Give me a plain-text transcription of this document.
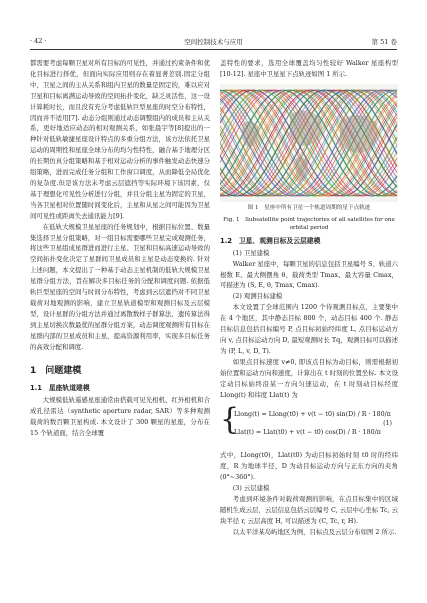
· 42 ·	空间控制技术与应用	第 51 卷

都需要考虑每颗卫星对所有目标的可见性，并通过约束条件和优化目标进行择优，但面向实际应用则存在着显著差别.固定分组中，卫星之间的主从关系和组内卫星的数量是固定的，难以应对卫星和目标离满运动导致的空间拓扑变化，缺乏灵活性，这一设计算耗时长，而且没有充分考虑低轨巨型星座的时空分布特性，因而并不适用[7]. 动态分组则通过动态调整组内的成员和主从关系，更好地适应动态的相对观测关系，如张晨宇等[8]提出的一种针对低轨敏捷星座设计特点的多重分组方法，该方法依托卫星运动的周期性和星座全球分布的均匀性特性，融合基于地理分区的长期仿真分组策略和基于相对运动分析的事件触发动态快速分组策略，进而完成任务分组和工作窗口调度，从而降低全局优化的复杂度.但是该方法未考虑云层遮挡等实际环境下该因素，仅基于理想化可见性分析进行分组，并且分组主星为固定的卫星，当各卫星相对位置随时间变化后，主星和从星之间可能因为卫星间可见性或距离失去通讯能力[9].

在低轨大规模卫星星座的任务规划中，根据目标位置、数量集选择卫星分组策略，对一组目标需要哪些卫星完成观测任务，将这些卫星组成星群进而进行主星、卫星和目标高速运动导致的空间拓扑变化决定了星群间卫星成员和主星是动态变换的. 针对上述问题，本文提出了一种基于动态主星机制的低轨大规模卫星星群分组方法，旨在解决多目标任务的分配和调度问题. 依据低轨巨型星座的空间与时间分布特性，考虑到云层遮挡对不同卫星载荷对地观测的影响，建立卫星轨道模型和观测目标及云层模型，设计星群的分组方法并通过离散数样子群算法，遗传算法得到主星切换次数最优的星群分组方案，动态调度观测所有目标在星群内部的卫星成员和主星，提高资源利用率，实现多目标任务的高效分配和调度.

1　问题建模
1.1　星座轨道建模

大规模低轨遥感星座通常由搭载可见光相机、红外相机和合成孔径雷达（synthetic aperture radar, SAR）等多种观测载荷的数百颗卫星构成. 本文设计了 300 颗星的星座，分布在 15 个轨道面，结合全球覆

盖特性的要求，选用全球覆盖均匀性较好 Walker 星座构型[10-12]. 星座中卫星星下点轨迹如图 1 所示.

图 1　星座中所有卫星一个轨道周期的星下点轨迹
Fig. 1　Subsatellite point trajectories of all satellites for one orbital period
1.2　卫星、观测目标及云层建模

(1) 卫星建模

Walker 星座中，每颗卫星的信息包括卫星编号 S、轨道六根数 E、最大侧摆角 θ、载荷类型 Tmax、最大容量 Cmax，可描述为 (S, E, θ, Tmax, Cmax).

(2) 观测目标建模

本文设置了全球范围内 1200 个待观测目标点，主要集中在 4 个地区，其中静态目标 800 个，动态目标 400 个. 静态目标信息包括目标编号 P, 点目标初始经纬度 L, 点目标运动方向 v, 点目标运动方向 D, 最短观测时长 Tq，观测目标可以描述为 (P, L, v, D, T).

如果点目标速度 v≠0, 即该点目标为动目标，则需根据初始位置和运动方向和速度，计算出在 t 时刻的位置坐标. 本文设定动目标始终沿某一方向匀速运动，在 t 时刻动目标经度 Llong(t) 和纬度 Llat(t) 为

{
Llong(t) = Llong(t0) + v(t − t0) sin(D) / R · 180/π
Llat(t) = Llat(t0) + v(t − t0) cos(D) / R · 180/π
(1)

式中，Llong(t0)，Llat(t0) 为动目标初始时刻 t0 时的经纬度，R 为地球半径，D 为动目标运动方向与正东方向的夹角 (0°~360°).

(3) 云层建模

考虑到环境条件对载荷观测的影响，在点目标集中的区域随机生成云层，云层信息包括云层编号 C, 云层中心坐标 Tc, 云块半径 r, 云层高度 H, 可以描述为 (C, Tc, r, H).

以太平洋某岛屿地区为例，目标点及云层分布如图 2 所示.
